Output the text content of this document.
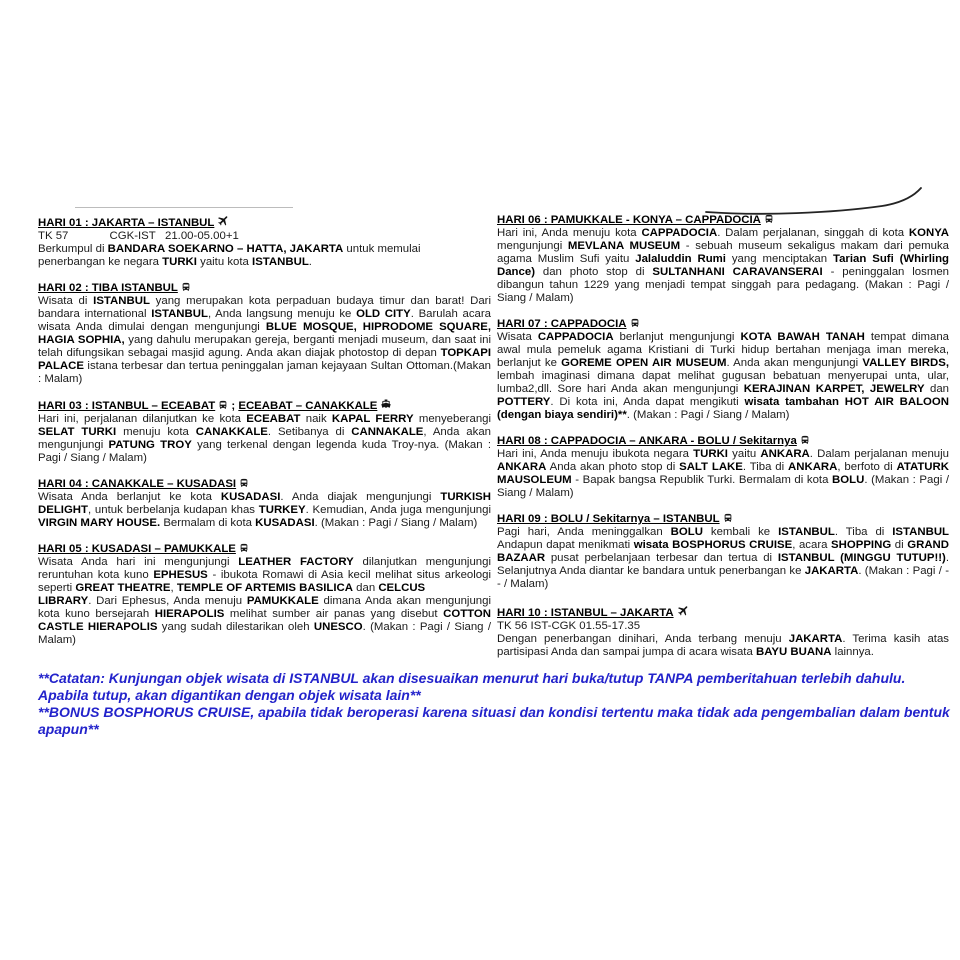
HARI 01 : JAKARTA – ISTANBUL
TK 57             CGK-IST   21.00-05.00+1
Berkumpul di BANDARA SOEKARNO – HATTA, JAKARTA untuk memulai
penerbangan ke negara TURKI yaitu kota ISTANBUL.
HARI 02 : TIBA ISTANBUL
Wisata di ISTANBUL yang merupakan kota perpaduan budaya timur dan barat! Dari bandara international ISTANBUL, Anda langsung menuju ke OLD CITY. Barulah acara wisata Anda dimulai dengan mengunjungi BLUE MOSQUE, HIPRODOME SQUARE, HAGIA SOPHIA, yang dahulu merupakan gereja, berganti menjadi museum, dan saat ini telah difungsikan sebagai masjid agung. Anda akan diajak photostop di depan TOPKAPI PALACE istana terbesar dan tertua peninggalan jaman kejayaan Sultan Ottoman.(Makan : Malam)
HARI 03 : ISTANBUL – ECEABAT
; ECEABAT – CANAKKALE
Hari ini, perjalanan dilanjutkan ke kota ECEABAT naik KAPAL FERRY menyeberangi SELAT TURKI menuju kota CANAKKALE. Setibanya di CANNAKALE, Anda akan mengunjungi PATUNG TROY yang terkenal dengan legenda kuda Troy-nya. (Makan : Pagi / Siang / Malam)
HARI 04 : CANAKKALE – KUSADASI
Wisata Anda berlanjut ke kota KUSADASI. Anda diajak mengunjungi TURKISH DELIGHT, untuk berbelanja kudapan khas TURKEY. Kemudian, Anda juga mengunjungi VIRGIN MARY HOUSE. Bermalam di kota KUSADASI. (Makan : Pagi / Siang / Malam)
HARI 05 : KUSADASI – PAMUKKALE
Wisata Anda hari ini mengunjungi LEATHER FACTORY dilanjutkan mengunjungi reruntuhan kota kuno EPHESUS - ibukota Romawi di Asia kecil melihat situs arkeologi seperti GREAT THEATRE, TEMPLE OF ARTEMIS BASILICA dan CELCUS
LIBRARY. Dari Ephesus, Anda menuju PAMUKKALE dimana Anda akan mengunjungi kota kuno bersejarah HIERAPOLIS melihat sumber air panas yang disebut COTTON CASTLE HIERAPOLIS yang sudah dilestarikan oleh UNESCO. (Makan : Pagi / Siang / Malam)
HARI 06 : PAMUKKALE - KONYA – CAPPADOCIA
Hari ini, Anda menuju kota CAPPADOCIA. Dalam perjalanan, singgah di kota KONYA mengunjungi MEVLANA MUSEUM - sebuah museum sekaligus makam dari pemuka agama Muslim Sufi yaitu Jalaluddin Rumi yang menciptakan Tarian Sufi (Whirling Dance) dan photo stop di SULTANHANI CARAVANSERAI - peninggalan losmen dibangun tahun 1229 yang menjadi tempat singgah para pedagang. (Makan : Pagi / Siang / Malam)
HARI 07 : CAPPADOCIA
Wisata CAPPADOCIA berlanjut mengunjungi KOTA BAWAH TANAH tempat dimana awal mula pemeluk agama Kristiani di Turki hidup bertahan menjaga iman mereka, berlanjut ke GOREME OPEN AIR MUSEUM. Anda akan mengunjungi VALLEY BIRDS, lembah imaginasi dimana dapat melihat gugusan bebatuan menyerupai unta, ular, lumba2,dll. Sore hari Anda akan mengunjungi KERAJINAN KARPET, JEWELRY dan POTTERY. Di kota ini, Anda dapat mengikuti wisata tambahan HOT AIR BALOON (dengan biaya sendiri)**. (Makan : Pagi / Siang / Malam)
HARI 08 : CAPPADOCIA – ANKARA - BOLU / Sekitarnya
Hari ini, Anda menuju ibukota negara TURKI yaitu ANKARA. Dalam perjalanan menuju ANKARA Anda akan photo stop di SALT LAKE. Tiba di ANKARA, berfoto di ATATURK MAUSOLEUM - Bapak bangsa Republik Turki. Bermalam di kota BOLU. (Makan : Pagi / Siang / Malam)
HARI 09 : BOLU / Sekitarnya – ISTANBUL
Pagi hari, Anda meninggalkan BOLU kembali ke ISTANBUL. Tiba di ISTANBUL Andapun dapat menikmati wisata BOSPHORUS CRUISE, acara SHOPPING di GRAND BAZAAR pusat perbelanjaan terbesar dan tertua di ISTANBUL (MINGGU TUTUP!!). Selanjutnya Anda diantar ke bandara untuk penerbangan ke JAKARTA. (Makan : Pagi / -- / Malam)
HARI 10 : ISTANBUL – JAKARTA
TK 56 IST-CGK 01.55-17.35
Dengan penerbangan dinihari, Anda terbang menuju JAKARTA. Terima kasih atas partisipasi Anda dan sampai jumpa di acara wisata BAYU BUANA lainnya.

**Catatan: Kunjungan objek wisata di ISTANBUL akan disesuaikan menurut hari buka/tutup TANPA pemberitahuan terlebih dahulu.
Apabila tutup, akan digantikan dengan objek wisata lain**

**BONUS BOSPHORUS CRUISE, apabila tidak beroperasi karena situasi dan kondisi tertentu maka tidak ada pengembalian dalam bentuk
apapun**
